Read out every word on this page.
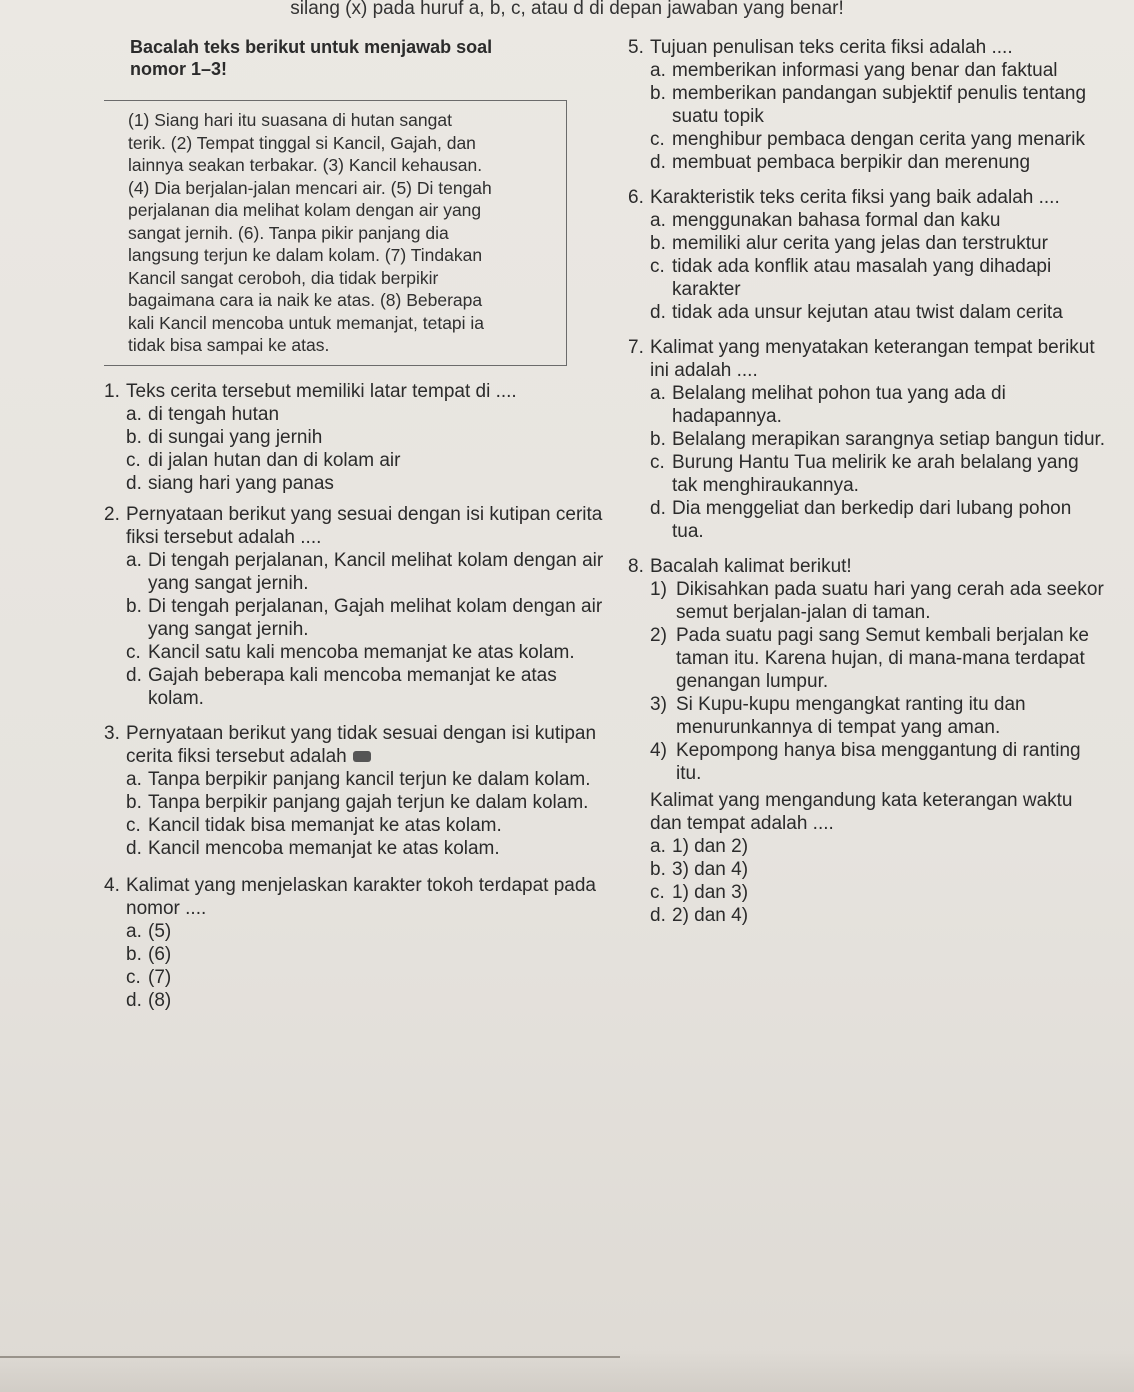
silang (x) pada huruf a, b, c, atau d di depan jawaban yang benar!
Bacalah teks berikut untuk menjawab soal
nomor 1–3!
(1) Siang hari itu suasana di hutan sangat
terik. (2) Tempat tinggal si Kancil, Gajah, dan
lainnya seakan terbakar. (3) Kancil kehausan.
(4) Dia berjalan-jalan mencari air. (5) Di tengah
perjalanan dia melihat kolam dengan air yang
sangat jernih. (6). Tanpa pikir panjang dia
langsung terjun ke dalam kolam. (7) Tindakan
Kancil sangat ceroboh, dia tidak berpikir
bagaimana cara ia naik ke atas. (8) Beberapa
kali Kancil mencoba untuk memanjat, tetapi ia
tidak bisa sampai ke atas.
1. Teks cerita tersebut memiliki latar tempat di ....
a. di tengah hutan
b. di sungai yang jernih
c. di jalan hutan dan di kolam air
d. siang hari yang panas
2. Pernyataan berikut yang sesuai dengan isi kutipan cerita fiksi tersebut adalah ....
a. Di tengah perjalanan, Kancil melihat kolam dengan air yang sangat jernih.
b. Di tengah perjalanan, Gajah melihat kolam dengan air yang sangat jernih.
c. Kancil satu kali mencoba memanjat ke atas kolam.
d. Gajah beberapa kali mencoba memanjat ke atas kolam.
3. Pernyataan berikut yang tidak sesuai dengan isi kutipan cerita fiksi tersebut adalah
a. Tanpa berpikir panjang kancil terjun ke dalam kolam.
b. Tanpa berpikir panjang gajah terjun ke dalam kolam.
c. Kancil tidak bisa memanjat ke atas kolam.
d. Kancil mencoba memanjat ke atas kolam.
4. Kalimat yang menjelaskan karakter tokoh terdapat pada nomor ....
a. (5)
b. (6)
c. (7)
d. (8)
5. Tujuan penulisan teks cerita fiksi adalah ....
a. memberikan informasi yang benar dan faktual
b. memberikan pandangan subjektif penulis tentang suatu topik
c. menghibur pembaca dengan cerita yang menarik
d. membuat pembaca berpikir dan merenung
6. Karakteristik teks cerita fiksi yang baik adalah ....
a. menggunakan bahasa formal dan kaku
b. memiliki alur cerita yang jelas dan terstruktur
c. tidak ada konflik atau masalah yang dihadapi karakter
d. tidak ada unsur kejutan atau twist dalam cerita
7. Kalimat yang menyatakan keterangan tempat berikut ini adalah ....
a. Belalang melihat pohon tua yang ada di hadapannya.
b. Belalang merapikan sarangnya setiap bangun tidur.
c. Burung Hantu Tua melirik ke arah belalang yang tak menghiraukannya.
d. Dia menggeliat dan berkedip dari lubang pohon tua.
8. Bacalah kalimat berikut!
1) Dikisahkan pada suatu hari yang cerah ada seekor semut berjalan-jalan di taman.
2) Pada suatu pagi sang Semut kembali berjalan ke taman itu. Karena hujan, di mana-mana terdapat genangan lumpur.
3) Si Kupu-kupu mengangkat ranting itu dan menurunkannya di tempat yang aman.
4) Kepompong hanya bisa menggantung di ranting itu.
Kalimat yang mengandung kata keterangan waktu dan tempat adalah ....
a. 1) dan 2)
b. 3) dan 4)
c. 1) dan 3)
d. 2) dan 4)
